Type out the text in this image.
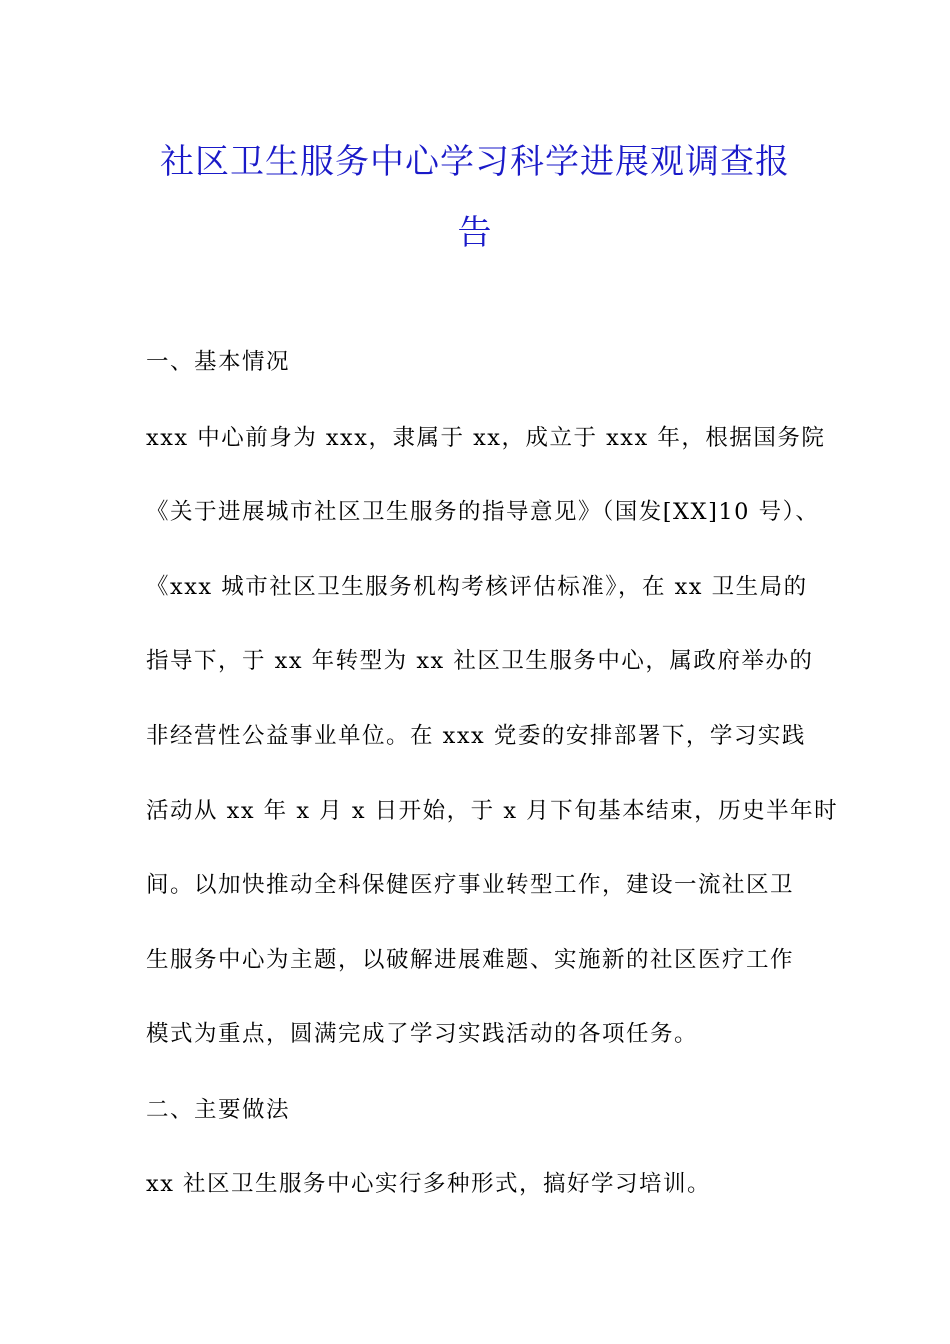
社区卫生服务中心学习科学进展观调查报
告
一、基本情况
xxx 中心前身为 xxx，隶属于 xx，成立于 xxx 年，根据国务院
《关于进展城市社区卫生服务的指导意见》（国发[XX]10 号）、
《xxx 城市社区卫生服务机构考核评估标准》，在 xx 卫生局的
指导下，于 xx 年转型为 xx 社区卫生服务中心，属政府举办的
非经营性公益事业单位。在 xxx 党委的安排部署下，学习实践
活动从 xx 年 x 月 x 日开始，于 x 月下旬基本结束，历史半年时
间。以加快推动全科保健医疗事业转型工作，建设一流社区卫
生服务中心为主题，以破解进展难题、实施新的社区医疗工作
模式为重点，圆满完成了学习实践活动的各项任务。
二、主要做法
xx 社区卫生服务中心实行多种形式，搞好学习培训。
